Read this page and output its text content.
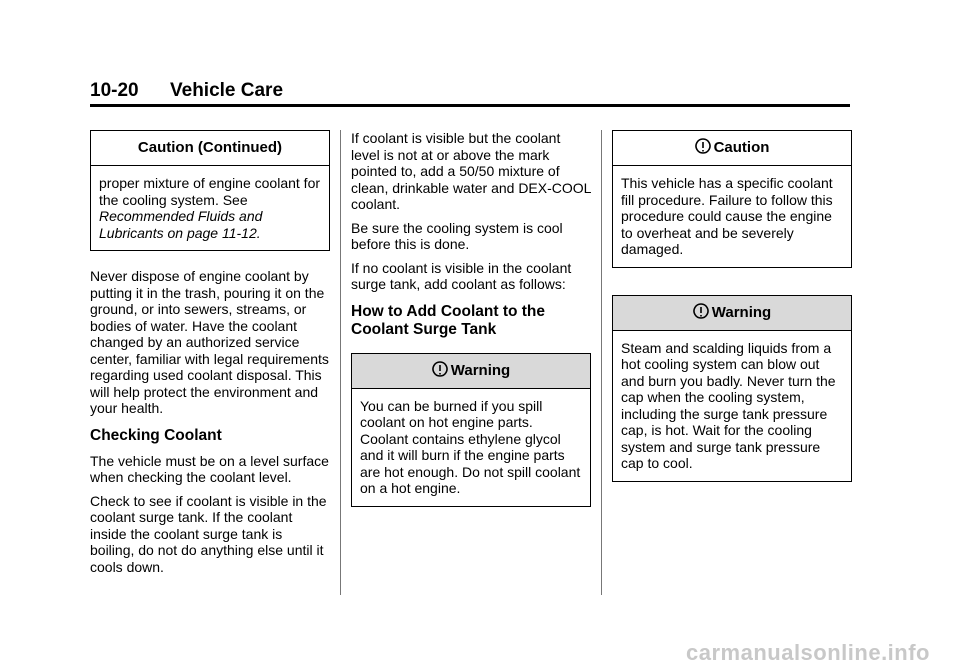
10-20 Vehicle Care
Caution (Continued)

proper mixture of engine coolant for the cooling system. See

Recommended Fluids and Lubricants on page 11-12.

Never dispose of engine coolant by putting it in the trash, pouring it on the ground, or into sewers, streams, or bodies of water. Have the coolant changed by an authorized service center, familiar with legal requirements regarding used coolant disposal. This will help protect the environment and your health.

Checking Coolant

The vehicle must be on a level surface when checking the coolant level.

Check to see if coolant is visible in the coolant surge tank. If the coolant inside the coolant surge tank is boiling, do not do anything else until it cools down.

If coolant is visible but the coolant level is not at or above the mark pointed to, add a 50/50 mixture of clean, drinkable water and DEX-COOL coolant.

Be sure the cooling system is cool before this is done.

If no coolant is visible in the coolant surge tank, add coolant as follows:

How to Add Coolant to the Coolant Surge Tank
Warning

You can be burned if you spill coolant on hot engine parts. Coolant contains ethylene glycol and it will burn if the engine parts are hot enough. Do not spill coolant on a hot engine.

Caution

This vehicle has a specific coolant fill procedure. Failure to follow this procedure could cause the engine to overheat and be severely damaged.

Warning

Steam and scalding liquids from a hot cooling system can blow out and burn you badly. Never turn the cap when the cooling system, including the surge tank pressure cap, is hot. Wait for the cooling system and surge tank pressure cap to cool.

carmanualsonline.info
